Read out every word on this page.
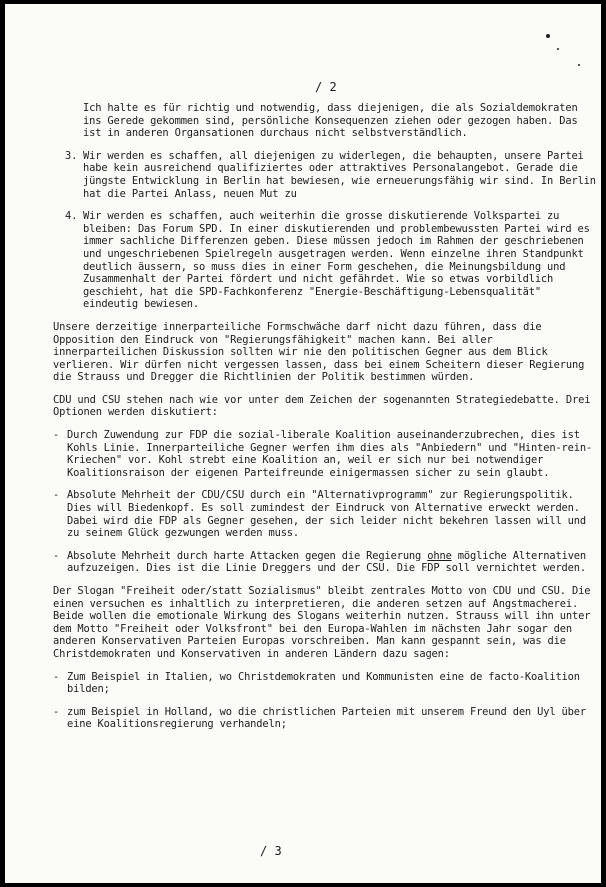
/ 2

Ich halte es für richtig und notwendig, dass diejenigen, die als Sozialdemokraten ins Gerede gekommen sind, persönliche Konsequenzen ziehen oder gezogen haben. Das ist in anderen Organsationen durchaus nicht selbstverständlich.

3. Wir werden es schaffen, all diejenigen zu widerlegen, die behaupten, unsere Partei habe kein ausreichend qualifiziertes oder attraktives Personalangebot. Gerade die jüngste Entwicklung in Berlin hat bewiesen, wie erneuerungsfähig wir sind. In Berlin hat die Partei Anlass, neuen Mut zu
4. Wir werden es schaffen, auch weiterhin die grosse diskutierende Volkspartei zu bleiben: Das Forum SPD. In einer diskutierenden und problembewussten Partei wird es immer sachliche Differenzen geben. Diese müssen jedoch im Rahmen der geschriebenen und ungeschriebenen Spielregeln ausgetragen werden. Wenn einzelne ihren Standpunkt deutlich äussern, so muss dies in einer Form geschehen, die Meinungsbildung und Zusammenhalt der Partei fördert und nicht gefährdet. Wie so etwas vorbildlich geschieht, hat die SPD-Fachkonferenz "Energie-Beschäftigung-Lebensqualität" eindeutig bewiesen.

Unsere derzeitige innerparteiliche Formschwäche darf nicht dazu führen, dass die Opposition den Eindruck von "Regierungsfähigkeit" machen kann. Bei aller innerparteilichen Diskussion sollten wir nie den politischen Gegner aus dem Blick verlieren. Wir dürfen nicht vergessen lassen, dass bei einem Scheitern dieser Regierung die Strauss und Dregger die Richtlinien der Politik bestimmen würden.

CDU und CSU stehen nach wie vor unter dem Zeichen der sogenannten Strategiedebatte. Drei Optionen werden diskutiert:

- Durch Zuwendung zur FDP die sozial-liberale Koalition auseinanderzubrechen, dies ist Kohls Linie. Innerparteiliche Gegner werfen ihm dies als "Anbiedern" und "Hinten-rein-Kriechen" vor. Kohl strebt eine Koalition an, weil er sich nur bei notwendiger Koalitionsraison der eigenen Parteifreunde einigermassen sicher zu sein glaubt.
- Absolute Mehrheit der CDU/CSU durch ein "Alternativprogramm" zur Regierungspolitik. Dies will Biedenkopf. Es soll zumindest der Eindruck von Alternative erweckt werden. Dabei wird die FDP als Gegner gesehen, der sich leider nicht bekehren lassen will und zu seinem Glück gezwungen werden muss.
- Absolute Mehrheit durch harte Attacken gegen die Regierung ohne mögliche Alternativen aufzuzeigen. Dies ist die Linie Dreggers und der CSU. Die FDP soll vernichtet werden.

Der Slogan "Freiheit oder/statt Sozialismus" bleibt zentrales Motto von CDU und CSU. Die einen versuchen es inhaltlich zu interpretieren, die anderen setzen auf Angstmacherei. Beide wollen die emotionale Wirkung des Slogans weiterhin nutzen. Strauss will ihn unter dem Motto "Freiheit oder Volksfront" bei den Europa-Wahlen im nächsten Jahr sogar den anderen Konservativen Parteien Europas vorschreiben. Man kann gespannt sein, was die Christdemokraten und Konservativen in anderen Ländern dazu sagen:

- Zum Beispiel in Italien, wo Christdemokraten und Kommunisten eine de facto-Koalition bilden;
- zum Beispiel in Holland, wo die christlichen Parteien mit unserem Freund den Uyl über eine Koalitionsregierung verhandeln;

/ 3
